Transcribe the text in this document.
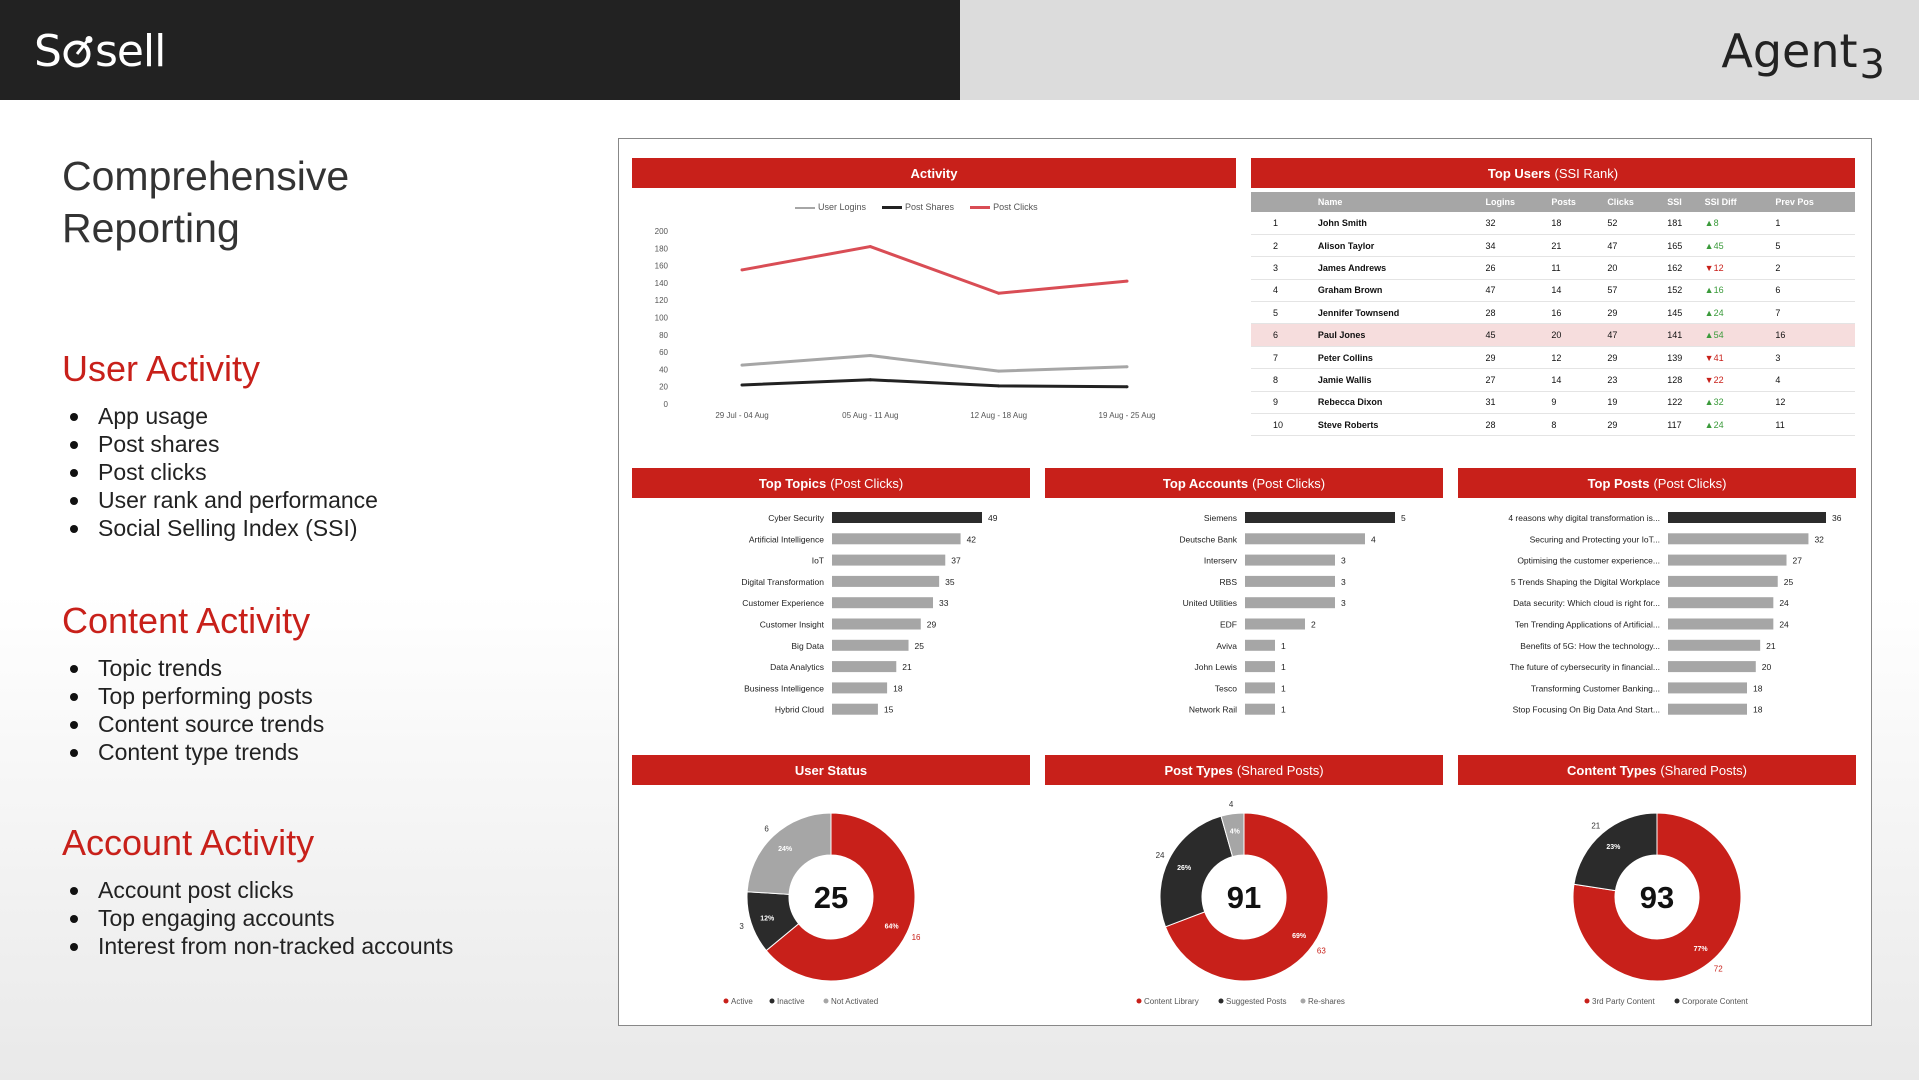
S sell	Agent 3
Comprehensive Reporting
User Activity
App usage
Post shares
Post clicks
User rank and performance
Social Selling Index (SSI)
Content Activity
Topic trends
Top performing posts
Content source trends
Content type trends
Account Activity
Account post clicks
Top engaging accounts
Interest from non-tracked accounts
Activity	Top Users (SSI Rank)
User Logins	Post Shares	Post Clicks
0
20
40
60
80
100
120
140
160
180
200
29 Jul - 04 Aug	05 Aug - 11 Aug	12 Aug - 18 Aug	19 Aug - 25 Aug
	Name	Logins	Posts	Clicks	SSI	SSI Diff	Prev Pos
1	John Smith	32	18	52	181	▲8	1
2	Alison Taylor	34	21	47	165	▲45	5
3	James Andrews	26	11	20	162	▼12	2
4	Graham Brown	47	14	57	152	▲16	6
5	Jennifer Townsend	28	16	29	145	▲24	7
6	Paul Jones	45	20	47	141	▲54	16
7	Peter Collins	29	12	29	139	▼41	3
8	Jamie Wallis	27	14	23	128	▼22	4
9	Rebecca Dixon	31	9	19	122	▲32	12
10	Steve Roberts	28	8	29	117	▲24	11
Top Topics (Post Clicks)	Top Accounts (Post Clicks)	Top Posts (Post Clicks)
Cyber Security	49
Artificial Intelligence	42
IoT	37
Digital Transformation	35
Customer Experience	33
Customer Insight	29
Big Data	25
Data Analytics	21
Business Intelligence	18
Hybrid Cloud	15
Siemens	5
Deutsche Bank	4
Interserv	3
RBS	3
United Utilities	3
EDF	2
Aviva	1
John Lewis	1
Tesco	1
Network Rail	1
4 reasons why digital transformation is...	36
Securing and Protecting your IoT...	32
Optimising the customer experience...	27
5 Trends Shaping the Digital Workplace	25
Data security: Which cloud is right for...	24
Ten Trending Applications of Artificial...	24
Benefits of 5G: How the technology...	21
The future of cybersecurity in financial...	20
Transforming Customer Banking...	18
Stop Focusing On Big Data And Start...	18
User Status	Post Types (Shared Posts)	Content Types (Shared Posts)
64%
16
12%
3
24%
6
25
Active	Inactive	Not Activated
69%
63
26%
24
4%
4
91
Content Library	Suggested Posts	Re-shares
77%
72
23%
21
93
3rd Party Content	Corporate Content
